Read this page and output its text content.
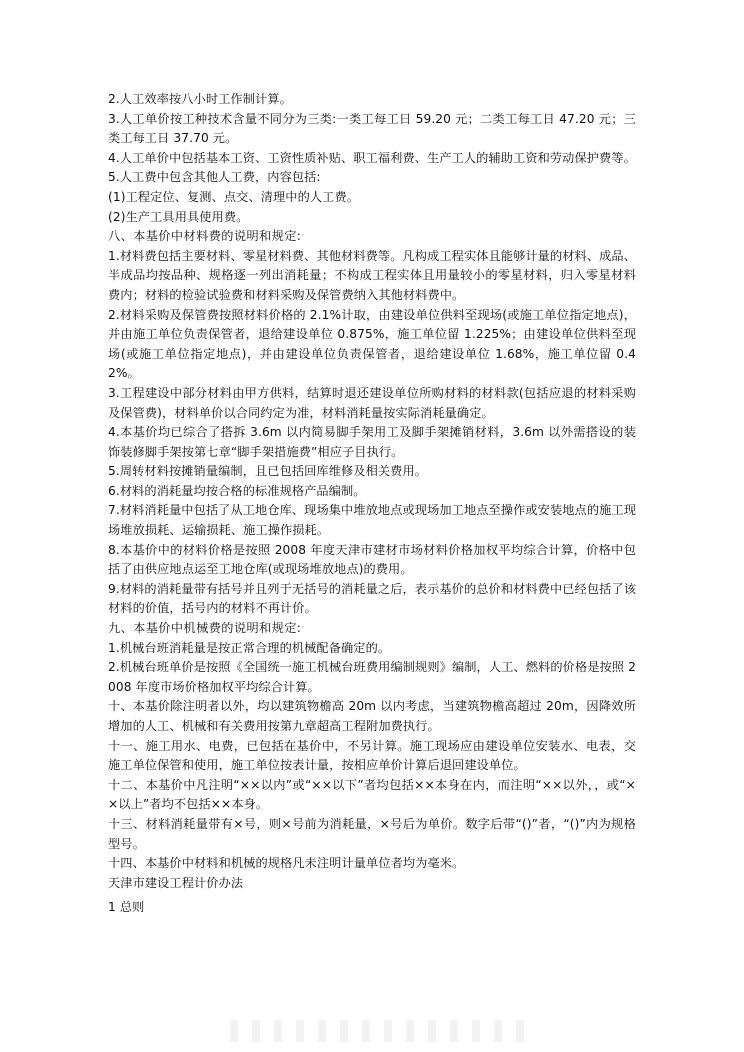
2.人工效率按八小时工作制计算。

3.人工单价按工种技术含量不同分为三类:一类工每工日 59.20 元；二类工每工日 47.20 元；三类工每工日 37.70 元。

4.人工单价中包括基本工资、工资性质补贴、职工福利费、生产工人的辅助工资和劳动保护费等。

5.人工费中包含其他人工费，内容包括:

(1)工程定位、复测、点交、清理中的人工费。

(2)生产工具用具使用费。

八、本基价中材料费的说明和规定:

1.材料费包括主要材料、零星材料费、其他材料费等。凡构成工程实体且能够计量的材料、成品、半成品均按品种、规格逐一列出消耗量；不构成工程实体且用量较小的零星材料，归入零星材料费内；材料的检验试验费和材料采购及保管费纳入其他材料费中。

2.材料采购及保管费按照材料价格的 2.1%计取，由建设单位供料至现场(或施工单位指定地点)，并由施工单位负责保管者，退给建设单位 0.875%，施工单位留 1.225%；由建设单位供料至现场(或施工单位指定地点)，并由建设单位负责保管者，退给建设单位 1.68%，施工单位留 0.42%。

3.工程建设中部分材料由甲方供料，结算时退还建设单位所购材料的材料款(包括应退的材料采购及保管费)，材料单价以合同约定为准，材料消耗量按实际消耗量确定。

4.本基价均已综合了搭拆 3.6m 以内简易脚手架用工及脚手架摊销材料，3.6m 以外需搭设的装饰装修脚手架按第七章“脚手架措施费”相应子目执行。

5.周转材料按摊销量编制，且已包括回库维修及相关费用。

6.材料的消耗量均按合格的标准规格产品编制。

7.材料消耗量中包括了从工地仓库、现场集中堆放地点或现场加工地点至操作或安装地点的施工现场堆放损耗、运输损耗、施工操作损耗。

8.本基价中的材料价格是按照 2008 年度天津市建材市场材料价格加权平均综合计算，价格中包括了由供应地点运至工地仓库(或现场堆放地点)的费用。

9.材料的消耗量带有括号并且列于无括号的消耗量之后，表示基价的总价和材料费中已经包括了该材料的价值，括号内的材料不再计价。

九、本基价中机械费的说明和规定:

1.机械台班消耗量是按正常合理的机械配备确定的。

2.机械台班单价是按照《全国统一施工机械台班费用编制规则》编制，人工、燃料的价格是按照 2008 年度市场价格加权平均综合计算。

十、本基价除注明者以外，均以建筑物檐高 20m 以内考虑，当建筑物檐高超过 20m，因降效所增加的人工、机械和有关费用按第九章超高工程附加费执行。

十一、施工用水、电费，已包括在基价中，不另计算。施工现场应由建设单位安装水、电表，交施工单位保管和使用，施工单位按表计量，按相应单价计算后退回建设单位。

十二、本基价中凡注明“××以内”或“××以下”者均包括××本身在内，而注明“××以外，，或“××以上”者均不包括××本身。

十三、材料消耗量带有×号，则×号前为消耗量，×号后为单价。数字后带“()”者，“()”内为规格型号。

十四、本基价中材料和机械的规格凡未注明计量单位者均为毫米。

天津市建设工程计价办法

1 总则
